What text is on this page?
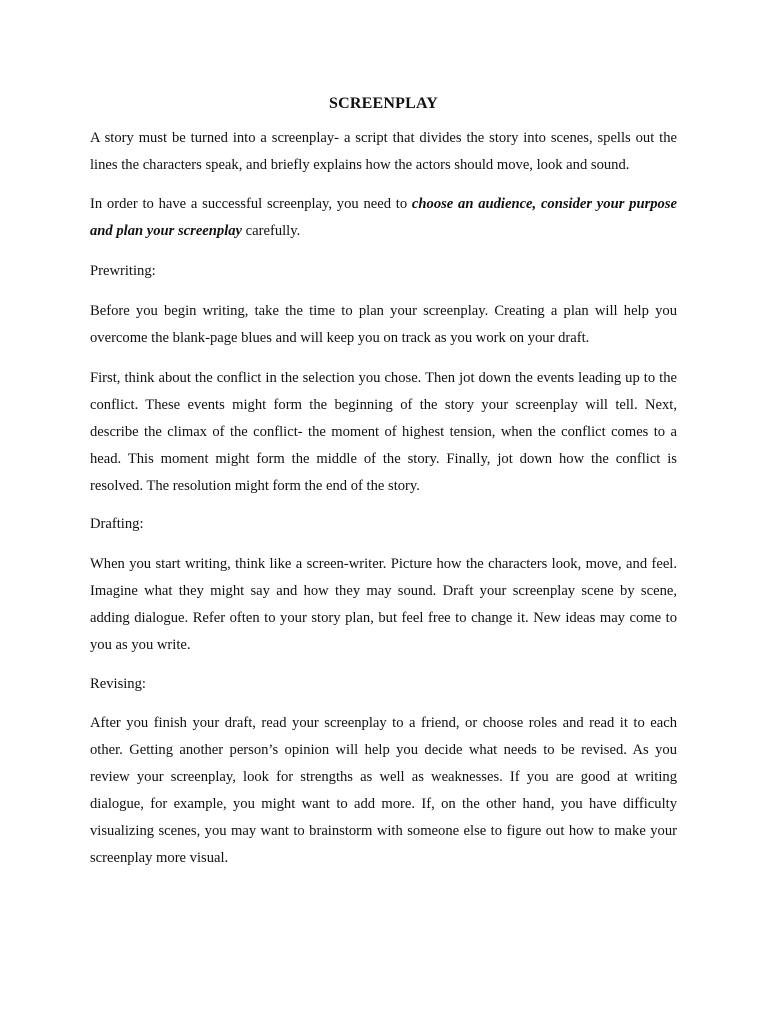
SCREENPLAY

A story must be turned into a screenplay- a script that divides the story into scenes, spells out the lines the characters speak, and briefly explains how the actors should move, look and sound.

In order to have a successful screenplay, you need to choose an audience, consider your purpose and plan your screenplay carefully.

Prewriting:

Before you begin writing, take the time to plan your screenplay. Creating a plan will help you overcome the blank-page blues and will keep you on track as you work on your draft.

First, think about the conflict in the selection you chose. Then jot down the events leading up to the conflict. These events might form the beginning of the story your screenplay will tell. Next, describe the climax of the conflict- the moment of highest tension, when the conflict comes to a head. This moment might form the middle of the story. Finally, jot down how the conflict is resolved. The resolution might form the end of the story.

Drafting:

When you start writing, think like a screen-writer. Picture how the characters look, move, and feel. Imagine what they might say and how they may sound. Draft your screenplay scene by scene, adding dialogue. Refer often to your story plan, but feel free to change it. New ideas may come to you as you write.

Revising:

After you finish your draft, read your screenplay to a friend, or choose roles and read it to each other. Getting another person’s opinion will help you decide what needs to be revised. As you review your screenplay, look for strengths as well as weaknesses. If you are good at writing dialogue, for example, you might want to add more. If, on the other hand, you have difficulty visualizing scenes, you may want to brainstorm with someone else to figure out how to make your screenplay more visual.
